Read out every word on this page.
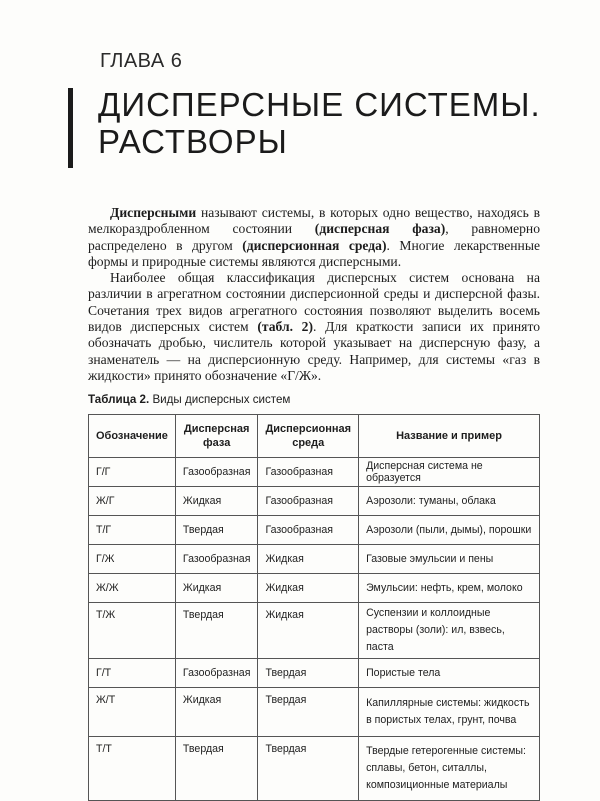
ГЛАВА 6
ДИСПЕРСНЫЕ СИСТЕМЫ.
РАСТВОРЫ

Дисперсными называют системы, в которых одно вещество, находясь в мелкораздробленном состоянии (дисперсная фаза), равномерно распределено в другом (дисперсионная среда). Многие лекарственные формы и природные системы являются дисперсными.

Наиболее общая классификация дисперсных систем основана на различии в агрегатном состоянии дисперсионной среды и дисперсной фазы. Сочетания трех видов агрегатного состояния позволяют выделить восемь видов дисперсных систем (табл. 2). Для краткости записи их принято обозначать дробью, числитель которой указывает на дисперсную фазу, а знаменатель — на дисперсионную среду. Например, для системы «газ в жидкости» принято обозначение «Г/Ж».

Таблица 2. Виды дисперсных систем
Обозначение	Дисперсная фаза	Дисперсионная среда	Название и пример
Г/Г	Газообразная	Газообразная	Дисперсная система не образуется
Ж/Г	Жидкая	Газообразная	Аэрозоли: туманы, облака
Т/Г	Твердая	Газообразная	Аэрозоли (пыли, дымы), порошки
Г/Ж	Газообразная	Жидкая	Газовые эмульсии и пены
Ж/Ж	Жидкая	Жидкая	Эмульсии: нефть, крем, молоко
Т/Ж	Твердая	Жидкая	Суспензии и коллоидные растворы (золи): ил, взвесь, паста
Г/Т	Газообразная	Твердая	Пористые тела
Ж/Т	Жидкая	Твердая	Капиллярные системы: жидкость в пористых телах, грунт, почва
Т/Т	Твердая	Твердая	Твердые гетерогенные системы: сплавы, бетон, ситаллы, композиционные материалы
